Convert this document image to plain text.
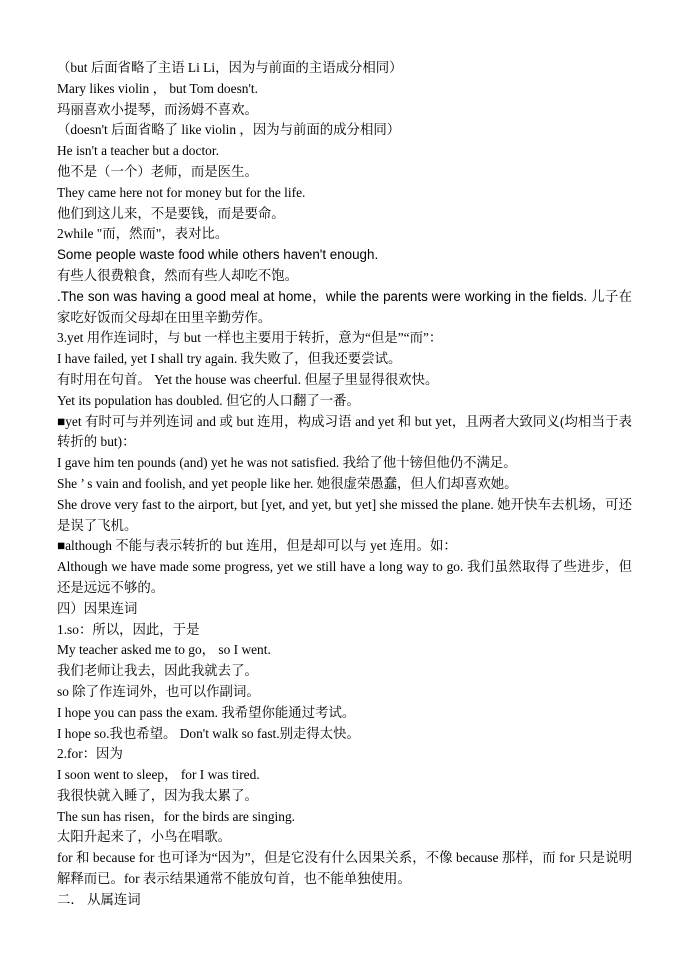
（but 后面省略了主语 Li Li，因为与前面的主语成分相同）
Mary likes violin ， but Tom doesn't.
玛丽喜欢小提琴，而汤姆不喜欢。
（doesn't 后面省略了 like violin ，因为与前面的成分相同）
He isn't a teacher but a doctor.
他不是（一个）老师，而是医生。
They came here not for money but for the life.
他们到这儿来，不是要钱，而是要命。
2while "而，然而"，表对比。
Some people waste food while others haven't enough.
有些人很费粮食，然而有些人却吃不饱。
.The son was having a good meal at home，while the parents were working in the fields. 儿子在家吃好饭而父母却在田里辛勤劳作。
3.yet 用作连词时，与 but 一样也主要用于转折，意为“但是”“而”：
I have failed, yet I shall try again. 我失败了，但我还要尝试。
有时用在句首。 Yet the house was cheerful. 但屋子里显得很欢快。
Yet its population has doubled. 但它的人口翻了一番。
■yet 有时可与并列连词 and 或 but 连用，构成习语 and yet 和 but yet，且两者大致同义(均相当于表转折的 but)：
I gave him ten pounds (and) yet he was not satisfied. 我给了他十镑但他仍不满足。
She ’ s vain and foolish, and yet people like her. 她很虚荣愚蠢，但人们却喜欢她。
She drove very fast to the airport, but [yet, and yet, but yet] she missed the plane. 她开快车去机场，可还是误了飞机。
■although 不能与表示转折的 but 连用，但是却可以与 yet 连用。如：
Although we have made some progress, yet we still have a long way to go. 我们虽然取得了些进步，但还是远远不够的。
四）因果连词
1.so：所以，因此，于是
My teacher asked me to go， so I went.
我们老师让我去，因此我就去了。
so 除了作连词外，也可以作副词。
I hope you can pass the exam. 我希望你能通过考试。
I hope so.我也希望。 Don't walk so fast.别走得太快。
2.for：因为
I soon went to sleep， for I was tired.
我很快就入睡了，因为我太累了。
The sun has risen，for the birds are singing.
太阳升起来了，小鸟在唱歌。
for 和 because for 也可译为“因为”，但是它没有什么因果关系，不像 because 那样，而 for 只是说明解释而已。for 表示结果通常不能放句首，也不能单独使用。
二． 从属连词
